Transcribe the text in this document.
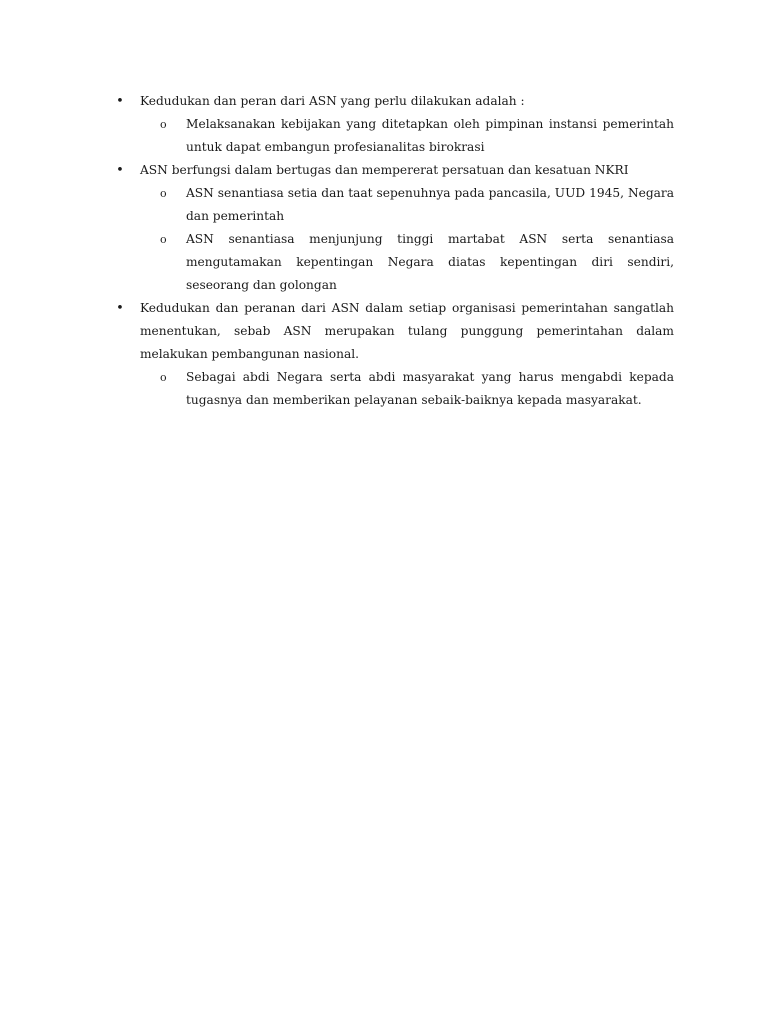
•	Kedudukan dan peran dari ASN yang perlu dilakukan adalah :

o Melaksanakan kebijakan yang ditetapkan oleh pimpinan instansi pemerintah untuk dapat embangun profesianalitas birokrasi

•	ASN berfungsi dalam bertugas dan mempererat persatuan dan kesatuan NKRI

o ASN senantiasa setia dan taat sepenuhnya pada pancasila, UUD 1945, Negara dan pemerintah

o ASN senantiasa menjunjung tinggi martabat ASN serta senantiasa mengutamakan kepentingan Negara diatas kepentingan diri sendiri, seseorang dan golongan

•	Kedudukan dan peranan dari ASN dalam setiap organisasi pemerintahan sangatlah menentukan, sebab ASN merupakan tulang punggung pemerintahan dalam melakukan pembangunan nasional.

o Sebagai abdi Negara serta abdi masyarakat yang harus mengabdi kepada tugasnya dan memberikan pelayanan sebaik-baiknya kepada masyarakat.
